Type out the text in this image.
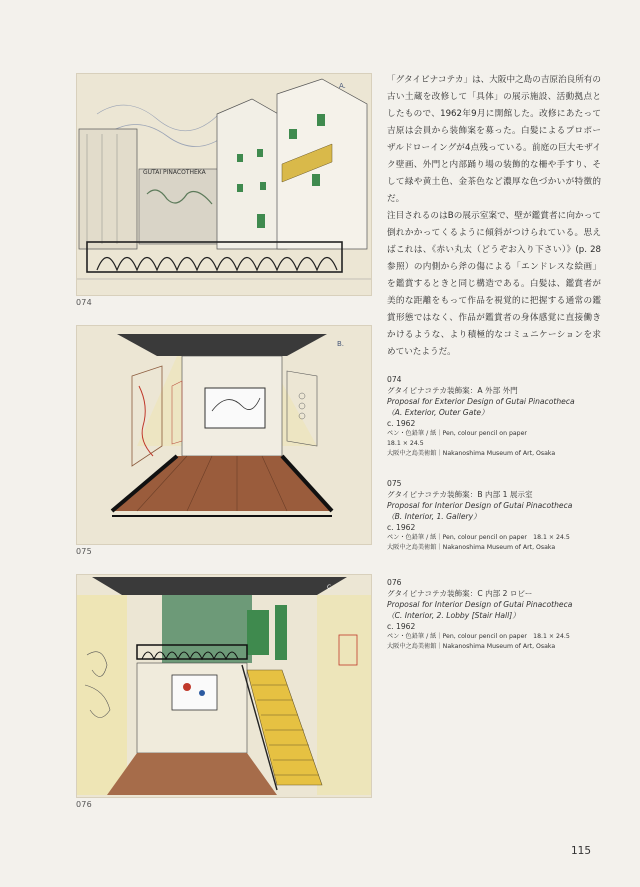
GUTAI PINACOTHEKA
A.
074
B.
075
C.
076

「グタイピナコテカ」は、大阪中之島の吉原治良所有の古い土蔵を改修して「具体」の展示施設、活動拠点としたもので、1962年9月に開館した。改修にあたって吉原は会員から装飾案を募った。白髪によるプロポーザルドローイングが4点残っている。前庭の巨大モザイク壁画、外門と内部踊り場の装飾的な柵や手すり、そして緑や黄土色、金茶色など濃厚な色づかいが特徴的だ。

注目されるのはBの展示室案で、壁が鑑賞者に向かって倒れかかってくるように傾斜がつけられている。思えばこれは、《赤い丸太（どうぞお入り下さい）》(p. 28参照）の内側から斧の傷による「エンドレスな絵画」を鑑賞するときと同じ構造である。白髪は、鑑賞者が美的な距離をもって作品を視覚的に把握する通常の鑑賞形態ではなく、作品が鑑賞者の身体感覚に直接働きかけるような、より積極的なコミュニケーションを求めていたようだ。

074
グタイピナコテカ装飾案：A 外部 外門
Proposal for Exterior Design of Gutai Pinacotheca
（A. Exterior, Outer Gate）
c. 1962
ペン・色鉛筆 / 紙｜Pen, colour pencil on paper
18.1 × 24.5
大阪中之島美術館｜Nakanoshima Museum of Art, Osaka
075
グタイピナコテカ装飾案：B 内部 1 展示室
Proposal for Interior Design of Gutai Pinacotheca
（B. Interior, 1. Gallery）
c. 1962
ペン・色鉛筆 / 紙｜Pen, colour pencil on paper　18.1 × 24.5
大阪中之島美術館｜Nakanoshima Museum of Art, Osaka
076
グタイピナコテカ装飾案：C 内部 2 ロビー
Proposal for Interior Design of Gutai Pinacotheca
（C. Interior, 2. Lobby [Stair Hall]）
c. 1962
ペン・色鉛筆 / 紙｜Pen, colour pencil on paper　18.1 × 24.5
大阪中之島美術館｜Nakanoshima Museum of Art, Osaka
115
